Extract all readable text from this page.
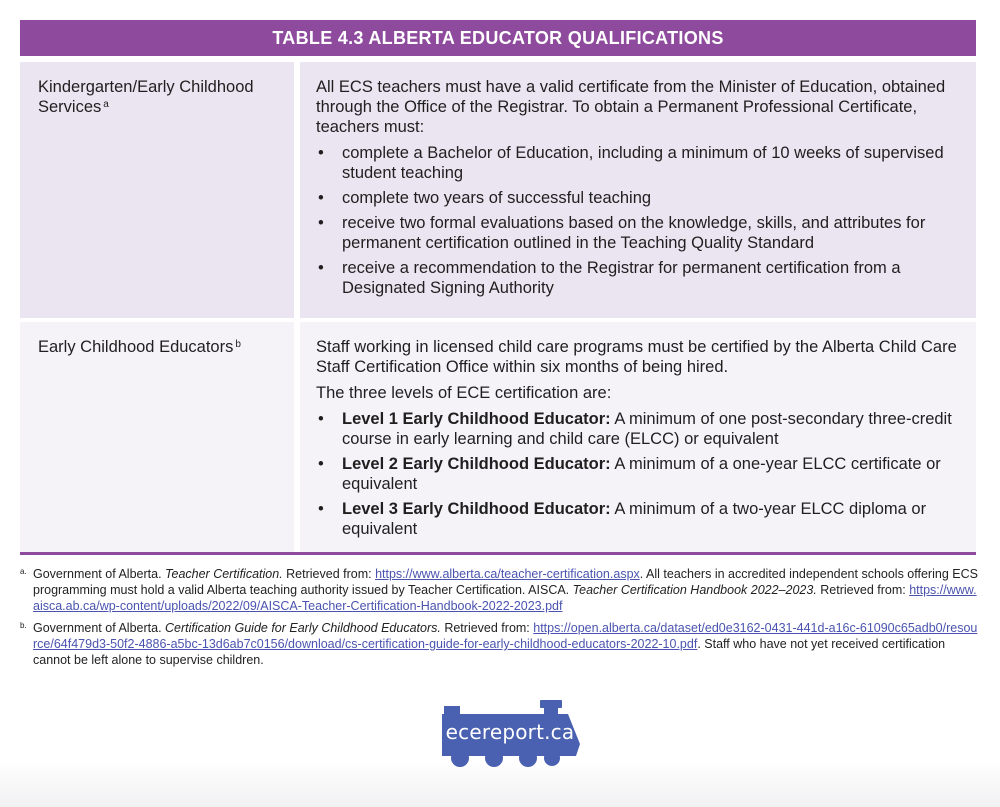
TABLE 4.3 ALBERTA EDUCATOR QUALIFICATIONS
Kindergarten/Early Childhood Services $^a$

All ECS teachers must have a valid certificate from the Minister of Education, obtained through the Office of the Registrar. To obtain a Permanent Professional Certificate, teachers must:

• complete a Bachelor of Education, including a minimum of 10 weeks of supervised student teaching
• complete two years of successful teaching
• receive two formal evaluations based on the knowledge, skills, and attributes for permanent certification outlined in the Teaching Quality Standard
• receive a recommendation to the Registrar for permanent certification from a Designated Signing Authority
Early Childhood Educators $^b$	Staff working in licensed child care programs must be certified by the Alberta Child Care Staff Certification Office within six months of being hired.

The three levels of ECE certification are:

• Level 1 Early Childhood Educator: A minimum of one post-secondary three-credit course in early learning and child care (ELCC) or equivalent
• Level 2 Early Childhood Educator: A minimum of a one-year ELCC certificate or equivalent
• Level 3 Early Childhood Educator: A minimum of a two-year ELCC diploma or equivalent
a. Government of Alberta. Teacher Certification. Retrieved from: https://www.alberta.ca/teacher-certification.aspx. All teachers in accredited independent schools offering ECS programming must hold a valid Alberta teaching authority issued by Teacher Certification. AISCA. Teacher Certification Handbook 2022–2023. Retrieved from: https://www.aisca.ab.ca/wp-content/uploads/2022/09/AISCA-Teacher-Certification-Handbook-2022-2023.pdf
b. Government of Alberta. Certification Guide for Early Childhood Educators. Retrieved from: https://open.alberta.ca/dataset/ed0e3162-0431-441d-a16c-61090c65adb0/resource/64f479d3-50f2-4886-a5bc-13d6ab7c0156/download/cs-certification-guide-for-early-childhood-educators-2022-10.pdf. Staff who have not yet received certification cannot be left alone to supervise children.
ecereport.ca
